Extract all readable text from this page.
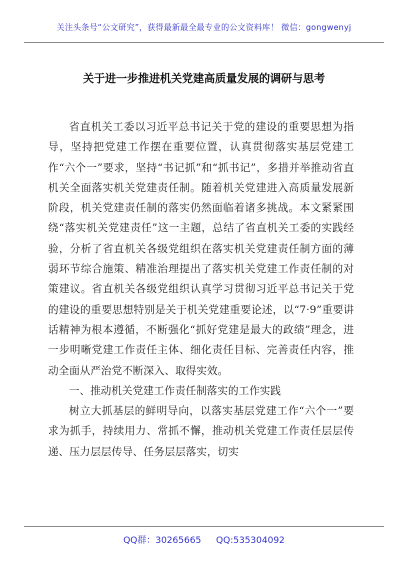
关注头条号“公文研究”，获得最新最全最专业的公文资料库！ 微信：gongwenyj
关于进一步推进机关党建高质量发展的调研与思考

省直机关工委以习近平总书记关于党的建设的重要思想为指导，坚持把党建工作摆在重要位置，认真贯彻落实基层党建工作“六个一”要求，坚持“书记抓”和“抓书记”，多措并举推动省直机关全面落实机关党建责任制。随着机关党建进入高质量发展新阶段，机关党建责任制的落实仍然面临着诸多挑战。本文紧紧围绕“落实机关党建责任”这一主题，总结了省直机关工委的实践经验，分析了省直机关各级党组织在落实机关党建责任制方面的薄弱环节综合施策、精准治理提出了落实机关党建工作责任制的对策建议。省直机关各级党组织认真学习贯彻习近平总书记关于党的建设的重要思想特别是关于机关党建重要论述，以“7·9”重要讲话精神为根本遵循，不断强化“抓好党建是最大的政绩”理念，进一步明晰党建工作责任主体、细化责任目标、完善责任内容，推动全面从严治党不断深入、取得实效。

一、推动机关党建工作责任制落实的工作实践

树立大抓基层的鲜明导向，以落实基层党建工作“六个一”要求为抓手，持续用力、常抓不懈，推动机关党建工作责任层层传递、压力层层传导、任务层层落实，切实

QQ群：30265665 QQ:535304092
